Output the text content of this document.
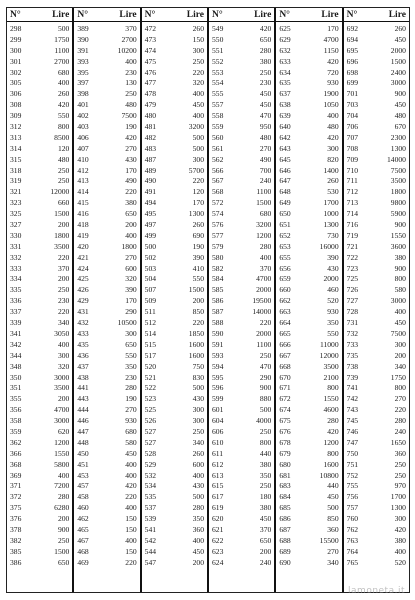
N°	Lire
298	500
299	1750
300	1100
301	2700
302	680
305	400
306	260
308	420
309	550
312	800
313	8500
314	120
315	480
318	250
319	250
321	12000
323	660
325	1500
327	200
330	1800
331	3500
332	220
333	370
334	200
335	250
336	230
337	220
339	340
341	3050
342	400
344	300
348	320
350	3000
351	3500
355	200
356	4700
358	3000
359	620
362	1200
366	1550
368	5800
369	400
371	7200
372	280
375	6280
376	200
378	900
382	250
385	1500
386	650
N°	Lire
389	370
390	2700
391	10200
393	400
395	230
397	130
398	250
401	480
402	7500
403	190
406	420
407	270
410	430
412	170
413	490
414	220
415	380
416	650
418	200
419	400
420	1800
421	270
424	600
425	320
426	390
429	170
431	290
432	10500
433	300
435	650
436	550
437	350
438	230
441	280
443	190
444	270
446	930
447	680
448	580
450	450
451	400
453	400
457	420
458	220
460	400
462	150
465	150
467	400
468	150
469	220
N°	Lire
472	260
473	150
474	300
475	250
476	220
477	320
478	400
479	450
480	400
481	3200
482	500
483	500
487	300
489	5700
490	220
491	120
494	170
495	1300
497	260
499	690
500	190
502	390
503	410
504	550
507	1500
509	200
511	850
512	220
514	1850
515	1600
517	1600
520	750
521	830
522	500
523	430
525	300
526	300
527	250
527	340
528	260
529	600
532	400
534	430
535	500
537	280
539	350
541	360
542	400
544	450
547	200
N°	Lire
549	420
550	650
551	280
552	380
553	250
554	230
555	450
557	450
558	470
559	950
560	480
561	270
562	490
566	700
567	240
568	1100
572	1500
574	680
576	3200
577	1200
579	280
580	400
582	370
584	4700
585	2000
586	19500
587	14000
588	220
590	2000
591	1100
593	250
594	470
595	290
596	900
599	880
601	500
604	4000
606	250
610	800
611	440
612	380
613	350
615	250
617	180
619	380
620	450
621	370
622	650
623	200
624	240
N°	Lire
625	170
629	4700
632	1150
633	420
634	720
635	930
637	1900
638	1050
639	400
640	480
642	420
643	300
645	820
646	1400
647	260
648	530
649	1700
650	1000
651	1300
652	730
653	16000
655	390
656	430
659	2000
660	460
662	520
663	930
664	350
665	550
666	11000
667	12000
668	3500
670	2100
671	800
672	1550
674	4600
675	280
676	420
678	1200
679	800
680	1600
681	10800
683	440
684	450
685	500
686	850
687	360
688	15500
689	270
690	340
N°	Lire
692	260
694	450
695	2000
696	1500
698	2400
699	3000
701	900
703	450
704	480
706	670
707	2300
708	1300
709	14000
710	7500
711	3500
712	1800
713	9800
714	5900
716	900
719	1550
721	3600
722	380
723	900
725	800
726	580
727	3000
728	400
731	450
732	7500
733	300
735	200
738	340
739	1750
741	800
742	270
743	220
745	280
746	240
747	1650
750	360
751	250
752	250
755	970
756	1700
757	1300
760	300
762	420
763	380
764	400
765	520
lamoneta.it
